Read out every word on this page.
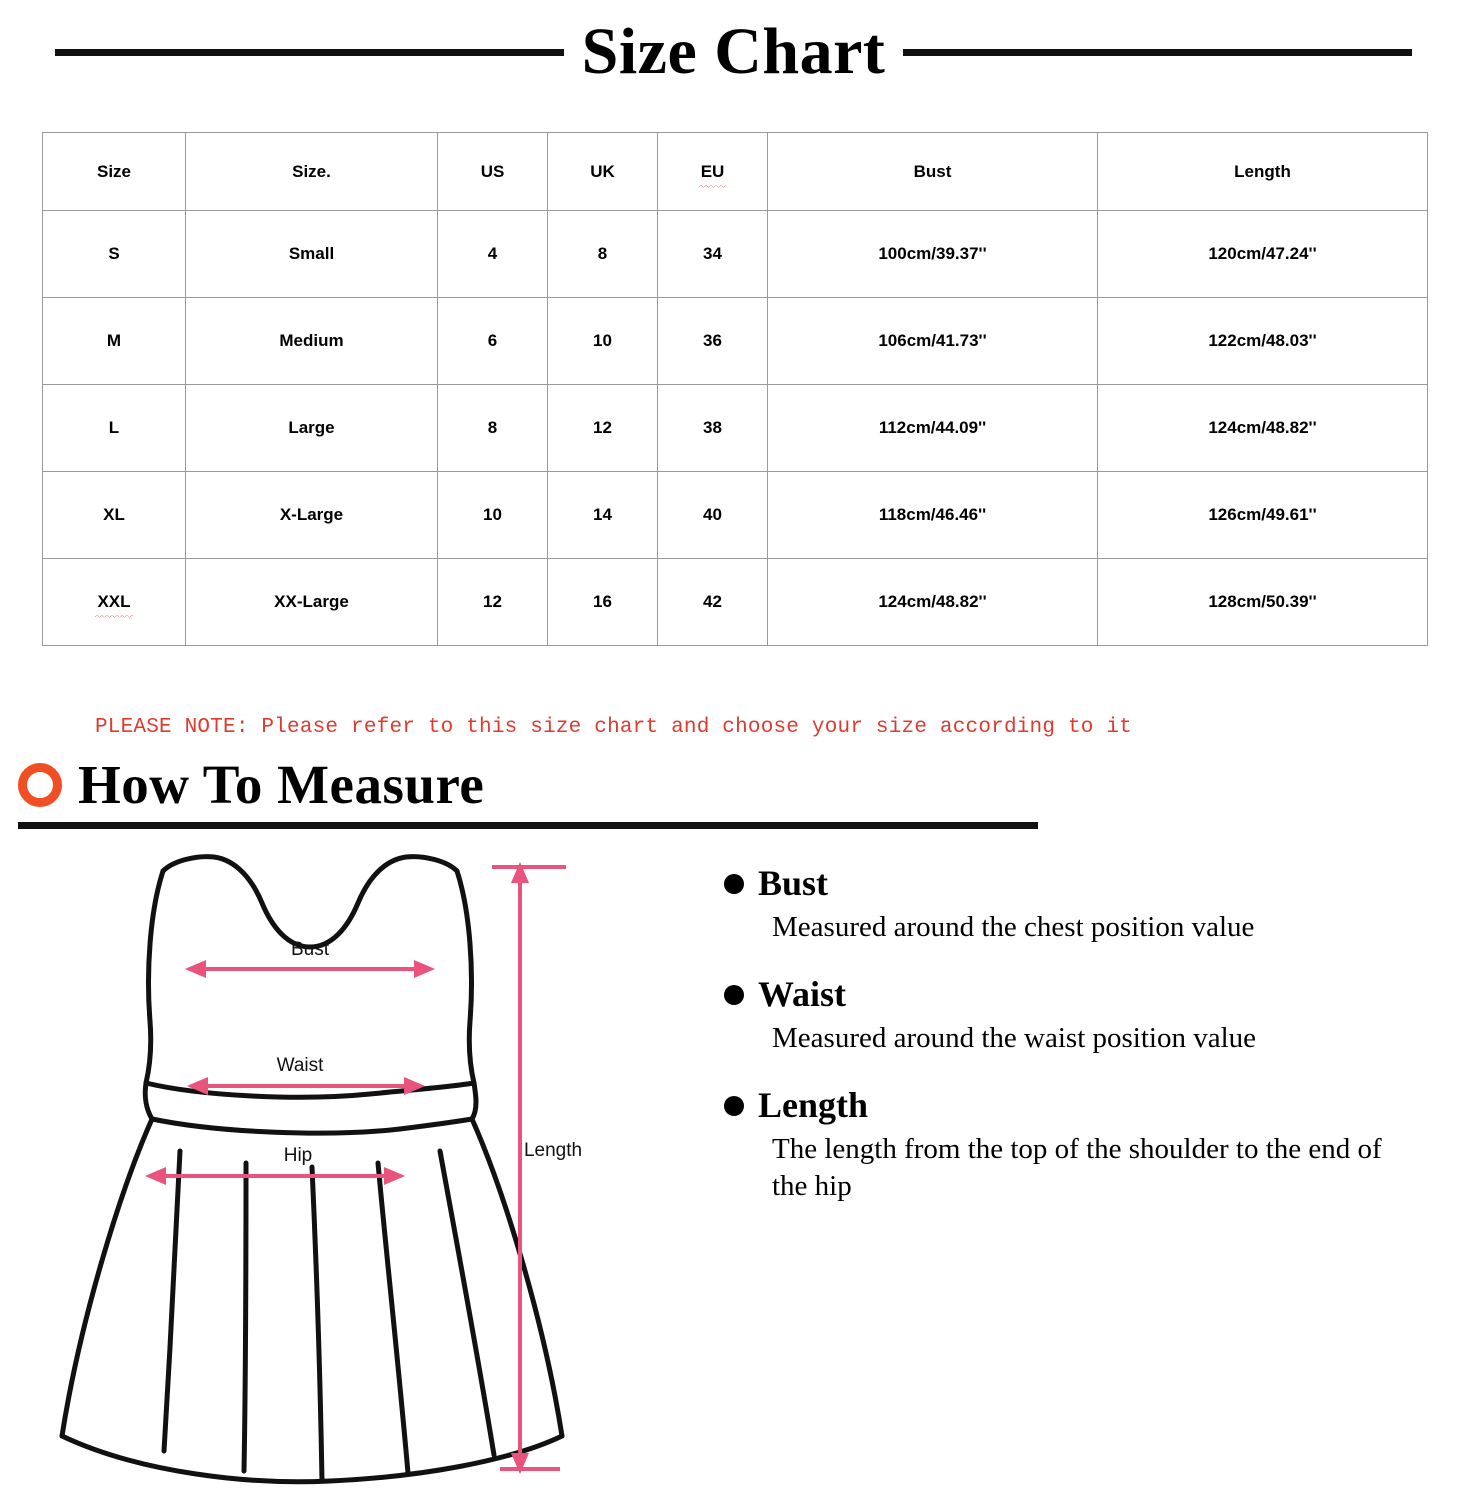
Size Chart
Size	Size.	US	UK	EU	Bust	Length
S	Small	4	8	34	100cm/39.37''	120cm/47.24''
M	Medium	6	10	36	106cm/41.73''	122cm/48.03''
L	Large	8	12	38	112cm/44.09''	124cm/48.82''
XL	X-Large	10	14	40	118cm/46.46''	126cm/49.61''
XXL	XX-Large	12	16	42	124cm/48.82''	128cm/50.39''
PLEASE NOTE: Please refer to this size chart and choose your size according to it
How To Measure
Bust
Waist
Hip	Length
Bust
Measured around the chest position value
Waist
Measured around the waist position value
Length
The length from the top of the shoulder to the end of the hip
